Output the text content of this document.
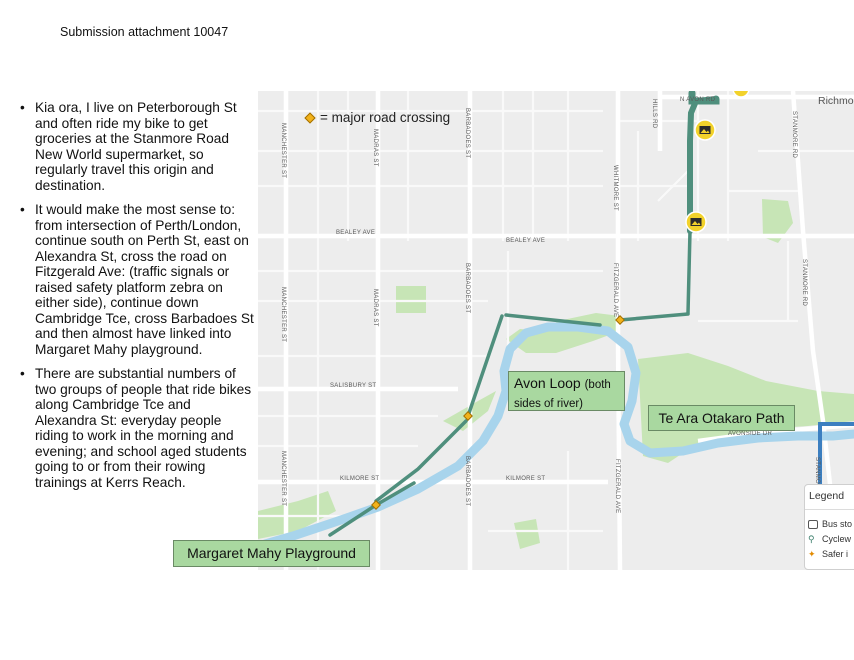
Submission attachment 10047
• Kia ora, I live on Peterborough St and often ride my bike to get groceries at the Stanmore Road New World supermarket, so regularly travel this origin and destination.
• It would make the most sense to: from intersection of Perth/London, continue south on Perth St, east on Alexandra St, cross the road on Fitzgerald Ave: (traffic signals or raised safety platform zebra on either side), continue down Cambridge Tce, cross Barbadoes St and then almost have linked into Margaret Mahy playground.
• There are substantial numbers of two groups of people that ride bikes along Cambridge Tce and Alexandra St: everyday people riding to work in the morning and evening; and school aged students going to or from their rowing trainings at Kerrs Reach.
N AVON RD	Richmo
HILLS RD	STANMORE RD
STANMORE RD
STANMO
MANCHESTER ST
MANCHESTER ST
MANCHESTER ST
MADRAS ST
MADRAS ST
BARBADOES ST
BARBADOES ST
BARBADOES ST
WHITMORE ST
FITZGERALD AVE
FITZGERALD AVE
BEALEY AVE
BEALEY AVE
SALISBURY ST
KILMORE ST	KILMORE ST
AVONSIDE DR
= major road crossing
Avon Loop (both sides of river)
Te Ara Otakaro Path
Legend
Bus sto
⚲ Cyclew
✦ Safer i
Margaret Mahy Playground
